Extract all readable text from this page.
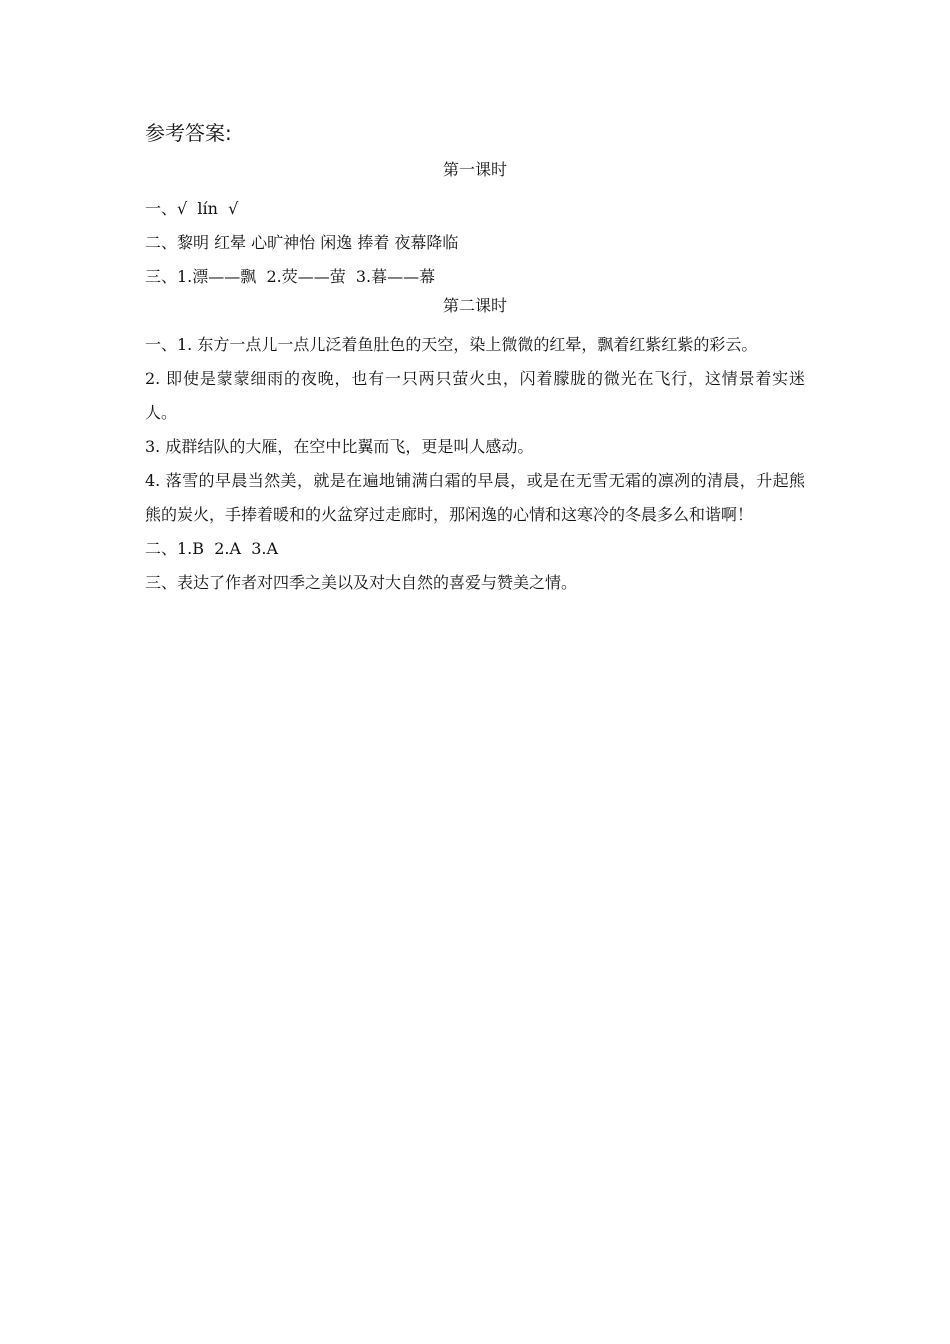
参考答案:
第一课时
一、√  lín  √
二、黎明 红晕 心旷神怡 闲逸 捧着 夜幕降临
三、1.漂——飘  2.荧——萤  3.暮——幕
第二课时
一、1. 东方一点儿一点儿泛着鱼肚色的天空，染上微微的红晕，飘着红紫红紫的彩云。
2. 即使是蒙蒙细雨的夜晚，也有一只两只萤火虫，闪着朦胧的微光在飞行，这情景着实迷人。
3. 成群结队的大雁，在空中比翼而飞，更是叫人感动。
4. 落雪的早晨当然美，就是在遍地铺满白霜的早晨，或是在无雪无霜的凛冽的清晨，升起熊熊的炭火，手捧着暖和的火盆穿过走廊时，那闲逸的心情和这寒冷的冬晨多么和谐啊！
二、1.B  2.A  3.A
三、表达了作者对四季之美以及对大自然的喜爱与赞美之情。
